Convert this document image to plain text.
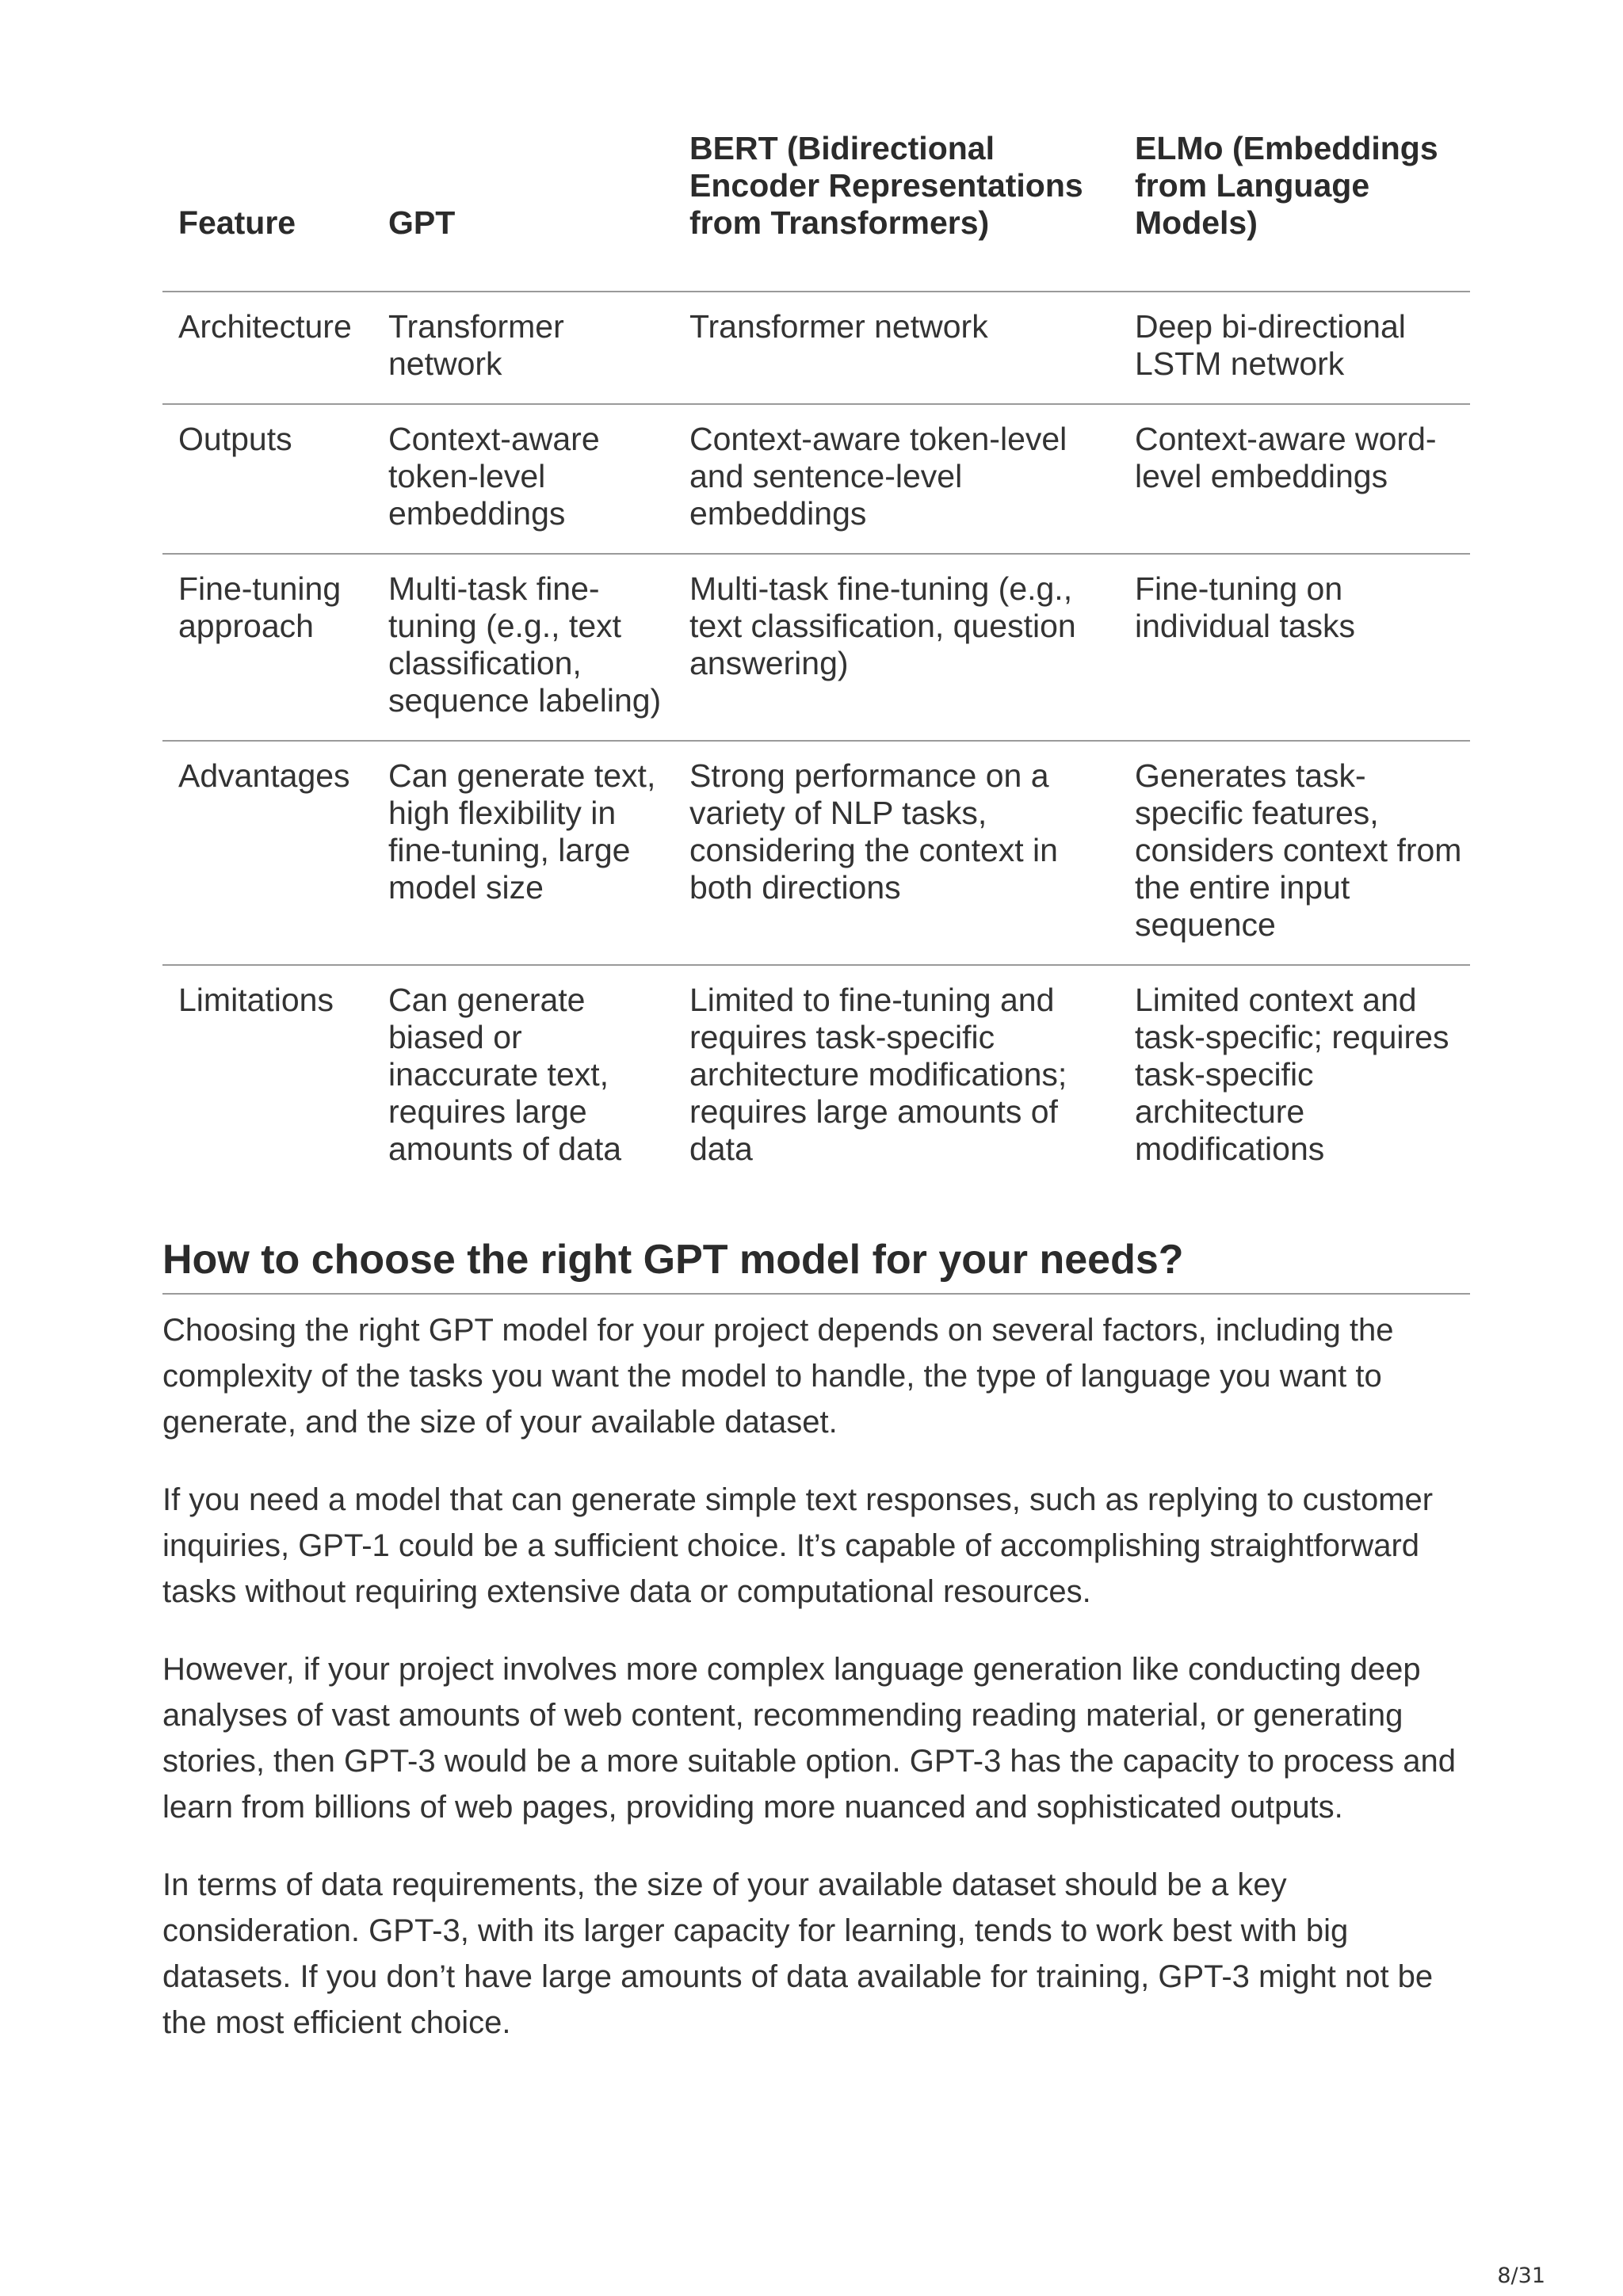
Feature	GPT	BERT (Bidirectional Encoder Representations from Transformers)	ELMo (Embeddings from Language Models)
Architecture	Transformer network	Transformer network	Deep bi-directional LSTM network
Outputs	Context-aware token-level embeddings	Context-aware token-level and sentence-level embeddings	Context-aware word-level embeddings
Fine-tuning approach	Multi-task fine-tuning (e.g., text classification, sequence labeling)	Multi-task fine-tuning (e.g., text classification, question answering)	Fine-tuning on individual tasks
Advantages	Can generate text, high flexibility in fine-tuning, large model size	Strong performance on a variety of NLP tasks, considering the context in both directions	Generates task-specific features, considers context from the entire input sequence
Limitations	Can generate biased or inaccurate text, requires large amounts of data	Limited to fine-tuning and requires task-specific architecture modifications; requires large amounts of data	Limited context and task-specific; requires task-specific architecture modifications
How to choose the right GPT model for your needs?

Choosing the right GPT model for your project depends on several factors, including the complexity of the tasks you want the model to handle, the type of language you want to generate, and the size of your available dataset.

If you need a model that can generate simple text responses, such as replying to customer inquiries, GPT-1 could be a sufficient choice. It’s capable of accomplishing straightforward tasks without requiring extensive data or computational resources.

However, if your project involves more complex language generation like conducting deep analyses of vast amounts of web content, recommending reading material, or generating stories, then GPT-3 would be a more suitable option. GPT-3 has the capacity to process and learn from billions of web pages, providing more nuanced and sophisticated outputs.

In terms of data requirements, the size of your available dataset should be a key consideration. GPT-3, with its larger capacity for learning, tends to work best with big datasets. If you don’t have large amounts of data available for training, GPT-3 might not be the most efficient choice.

8/31
